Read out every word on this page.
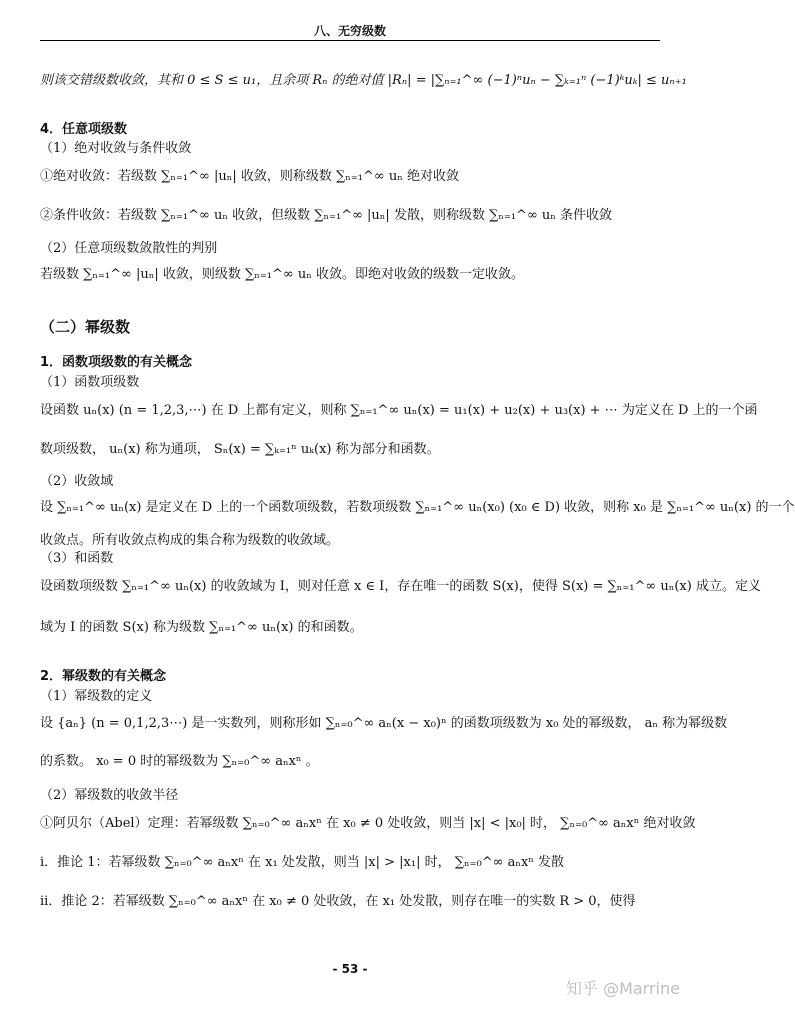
八、无穷级数
则该交错级数收敛，其和 0 ≤ S ≤ u₁，且余项 Rₙ 的绝对值 |Rₙ| = |∑ₙ₌₁^∞ (−1)ⁿuₙ − ∑ₖ₌₁ⁿ (−1)ᵏuₖ| ≤ uₙ₊₁
4．任意项级数
（1）绝对收敛与条件收敛
①绝对收敛：若级数 ∑ₙ₌₁^∞ |uₙ| 收敛，则称级数 ∑ₙ₌₁^∞ uₙ 绝对收敛
②条件收敛：若级数 ∑ₙ₌₁^∞ uₙ 收敛，但级数 ∑ₙ₌₁^∞ |uₙ| 发散，则称级数 ∑ₙ₌₁^∞ uₙ 条件收敛
（2）任意项级数敛散性的判别
若级数 ∑ₙ₌₁^∞ |uₙ| 收敛，则级数 ∑ₙ₌₁^∞ uₙ 收敛。即绝对收敛的级数一定收敛。
（二）幂级数
1．函数项级数的有关概念
（1）函数项级数
设函数 uₙ(x) (n = 1,2,3,⋯) 在 D 上都有定义，则称 ∑ₙ₌₁^∞ uₙ(x) = u₁(x) + u₂(x) + u₃(x) + ⋯ 为定义在 D 上的一个函
数项级数， uₙ(x) 称为通项， Sₙ(x) = ∑ₖ₌₁ⁿ uₖ(x) 称为部分和函数。
（2）收敛域
设 ∑ₙ₌₁^∞ uₙ(x) 是定义在 D 上的一个函数项级数，若数项级数 ∑ₙ₌₁^∞ uₙ(x₀) (x₀ ∈ D) 收敛，则称 x₀ 是 ∑ₙ₌₁^∞ uₙ(x) 的一个
收敛点。所有收敛点构成的集合称为级数的收敛域。
（3）和函数
设函数项级数 ∑ₙ₌₁^∞ uₙ(x) 的收敛域为 I，则对任意 x ∈ I，存在唯一的函数 S(x)，使得 S(x) = ∑ₙ₌₁^∞ uₙ(x) 成立。定义
域为 I 的函数 S(x) 称为级数 ∑ₙ₌₁^∞ uₙ(x) 的和函数。
2．幂级数的有关概念
（1）幂级数的定义
设 {aₙ} (n = 0,1,2,3⋯) 是一实数列，则称形如 ∑ₙ₌₀^∞ aₙ(x − x₀)ⁿ 的函数项级数为 x₀ 处的幂级数， aₙ 称为幂级数
的系数。 x₀ = 0 时的幂级数为 ∑ₙ₌₀^∞ aₙxⁿ 。
（2）幂级数的收敛半径
①阿贝尔（Abel）定理：若幂级数 ∑ₙ₌₀^∞ aₙxⁿ 在 x₀ ≠ 0 处收敛，则当 |x| < |x₀| 时， ∑ₙ₌₀^∞ aₙxⁿ 绝对收敛
i．推论 1：若幂级数 ∑ₙ₌₀^∞ aₙxⁿ 在 x₁ 处发散，则当 |x| > |x₁| 时， ∑ₙ₌₀^∞ aₙxⁿ 发散
ii．推论 2：若幂级数 ∑ₙ₌₀^∞ aₙxⁿ 在 x₀ ≠ 0 处收敛，在 x₁ 处发散，则存在唯一的实数 R > 0，使得
- 53 -
知乎 @Marrine
